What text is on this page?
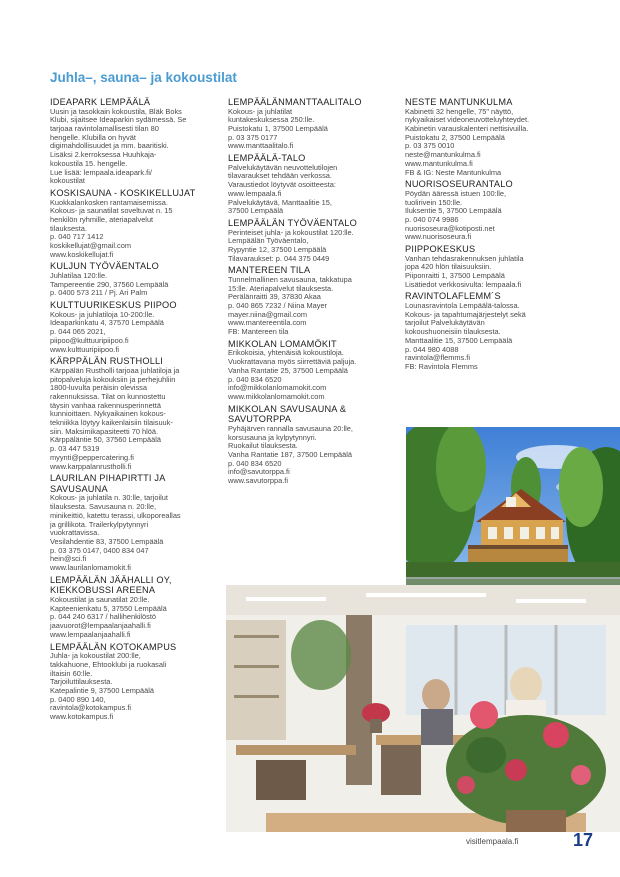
Juhla–, sauna– ja kokoustilat
IDEAPARK LEMPÄÄLÄ
Uusin ja tasokkain kokoustila, Bläk Boks
Klubi, sijaitsee Ideaparkin sydämessä. Se
tarjoaa ravintolamallisesti tilan 80
hengelle. Klubilla on hyvät
digimahdollisuudet ja mm. baaritiski.
Lisäksi 2.kerroksessa Huuhkaja-
kokoustila 15. hengelle.
Lue lisää: lempaala.ideapark.fi/
kokoustilat
KOSKISAUNA - KOSKIKELLUJAT
Kuokkalankosken rantamaisemissa.
Kokous- ja saunatilat soveltuvat n. 15
henkilön ryhmille, ateriapalvelut
tilauksesta.
p. 040 717 1412
koskikellujat@gmail.com
www.koskikellujat.fi
KULJUN TYÖVÄENTALO
Juhlatilaa 120:lle.
Tampereentie 290, 37560 Lempäälä
p. 0400 573 211 / Pj. Ari Palm
KULTTUURIKESKUS PIIPOO
Kokous- ja juhlatiloja 10-200:lle.
Ideaparkinkatu 4, 37570 Lempäälä
p. 044 065 2021,
piipoo@kulttuuripiipoo.fi
www.kulttuuripiipoo.fi
KÄRPPÄLÄN RUSTHOLLI
Kärppälän Rustholli tarjoaa juhlatiloja ja
pitopalveluja kokouksiin ja perhejuhliin
1800-luvulta peräisin olevissa
rakennuksissa. Tilat on kunnostettu
täysin vanhaa rakennusperinnettä
kunnioittaen. Nykyaikainen kokous-
tekniikka löytyy kaikenlaisiin tilaisuuk-
siin. Maksimikapasiteetti 70 hlöä.
Kärppäläntie 50, 37560 Lempäälä
p. 03 447 5319
myynti@peppercatering.fi
www.karppalanrustholli.fi
LAURILAN PIHAPIRTTI JA SAVUSAUNA
Kokous- ja juhlatila n. 30:lle, tarjoilut
tilauksesta. Savusauna n. 20:lle,
minikeittiö, katettu terassi, ulkoporeallas
ja grillikota. Trailerkylpytynnyri
vuokrattavissa.
Vesilahdentie 83, 37500 Lempäälä
p. 03 375 0147, 0400 834 047
hein@sci.fi
www.laurilanlomamokit.fi
LEMPÄÄLÄN JÄÄHALLI OY, KIEKKOBUSSI AREENA
Kokoustilat ja saunatilat 20:lle.
Kapteenienkatu 5, 37550 Lempäälä
p. 044 240 6317 / hallihenkilöstö
jaavuorot@lempaalanjaahalli.fi
www.lempaalanjaahalli.fi
LEMPÄÄLÄN KOTOKAMPUS
Juhla- ja kokoustilat 200:lle,
takkahuone, Ehtooklubi ja ruokasali
iltaisin 60:lle.
Tarjoiluttilauksesta.
Katepalintie 9, 37500 Lempäälä
p. 0400 890 140,
ravintola@kotokampus.fi
www.kotokampus.fi
LEMPÄÄLÄNMANTTAALITALO
Kokous- ja juhlatilat
kuntakeskuksessa 250:lle.
Puistokatu 1, 37500 Lempäälä
p. 03 375 0177
www.manttaalitalo.fi
LEMPÄÄLÄ-TALO
Palvelukäytävän neuvottelutilojen
tilavaraukset tehdään verkossa.
Varaustiedot löytyvät osoitteesta:
www.lempaala.fi
Palvelukäytävä, Manttaalitie 15,
37500 Lempäälä
LEMPÄÄLÄN TYÖVÄENTALO
Perinteiset juhla- ja kokoustilat 120:lle.
Lempäälän Työväentalo,
Rypyntie 12, 37500 Lempäälä
Tilavaraukset: p. 044 375 0449
MANTEREEN TILA
Tunnelmallinen savusauna, takkatupa
15:lle. Ateriapalvelut tilauksesta.
Perälänraitti 39, 37830 Akaa
p. 040 865 7232 / Niina Mayer
mayer.niina@gmail.com
www.mantereentila.com
FB: Mantereen tila
MIKKOLAN LOMAMÖKIT
Erikokoisia, yhtenäisiä kokoustiloja.
Vuokrattavana myös siirrettäviä paljuja.
Vanha Rantatie 25, 37500 Lempäälä
p. 040 834 6520
info@mikkolanlomamokit.com
www.mikkolanlomamokit.com
MIKKOLAN SAVUSAUNA & SAVUTORPPA
Pyhäjärven rannalla savusauna 20:lle,
korsusauna ja kylpytynnyri.
Ruokailut tilauksesta.
Vanha Rantatie 187, 37500 Lempäälä
p. 040 834 6520
info@savutorppa.fi
www.savutorppa.fi
NESTE MANTUNKULMA
Kabinetti 32 hengelle, 75" näyttö,
nykyaikaiset videoneuvotteluyhteydet.
Kabinetin varauskalenteri nettisivuilla.
Puistokatu 2, 37500 Lempäälä
p. 03 375 0010
neste@mantunkulma.fi
www.mantunkulma.fi
FB & IG: Neste Mantunkulma
NUORISOSEURANTALO
Pöydän ääressä istuen 100:lle,
tuolirivein 150:lle.
Iluksentie 5, 37500 Lempäälä
p. 040 074 9986
nuorisoseura@kotiposti.net
www.nuorisoseura.fi
PIIPPOKESKUS
Vanhan tehdasrakennuksen juhlatila
jopa 420 hlön tilaisuuksiin.
Piiponraitti 1, 37500 Lempäälä
Lisätiedot verkkosivulta: lempaala.fi
RAVINTOLAFLEMM´S
Lounasravintola Lempäälä-talossa.
Kokous- ja tapahtumajärjestelyt sekä
tarjoilut Palvelukäytävän
kokoushuoneisiin tilauksesta.
Manttaalitie 15, 37500 Lempäälä
p. 044 980 4088
ravintola@flemms.fi
FB: Ravintola Flemms
visitlempaala.fi	17
